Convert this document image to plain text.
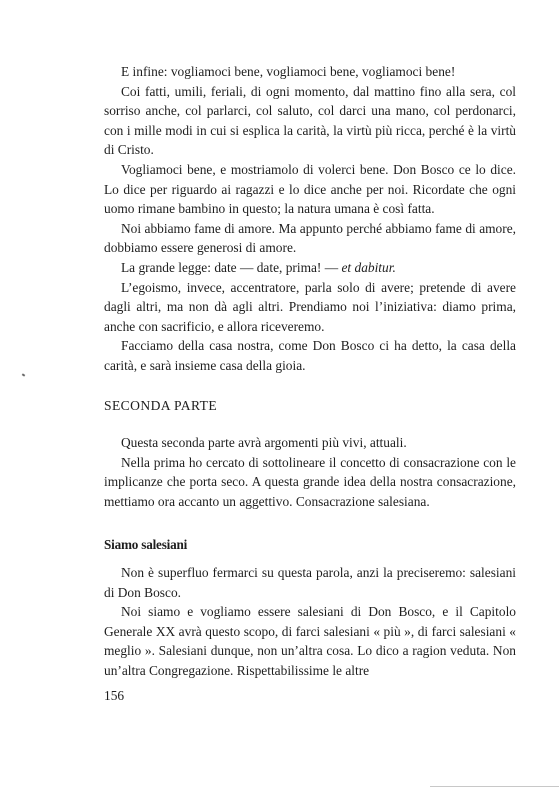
E infine: vogliamoci bene, vogliamoci bene, vogliamoci bene!

Coi fatti, umili, feriali, di ogni momento, dal mattino fino alla sera, col sorriso anche, col parlarci, col saluto, col darci una mano, col perdonarci, con i mille modi in cui si esplica la carità, la virtù più ricca, perché è la virtù di Cristo.

Vogliamoci bene, e mostriamolo di volerci bene. Don Bosco ce lo dice. Lo dice per riguardo ai ragazzi e lo dice anche per noi. Ricordate che ogni uomo rimane bambino in questo; la natura umana è così fatta.

Noi abbiamo fame di amore. Ma appunto perché abbiamo fame di amore, dobbiamo essere generosi di amore.

La grande legge: date — date, prima! — et dabitur.

L’egoismo, invece, accentratore, parla solo di avere; pretende di avere dagli altri, ma non dà agli altri. Prendiamo noi l’iniziativa: diamo prima, anche con sacrificio, e allora riceveremo.

Facciamo della casa nostra, come Don Bosco ci ha detto, la casa della carità, e sarà insieme casa della gioia.

SECONDA PARTE

Questa seconda parte avrà argomenti più vivi, attuali.

Nella prima ho cercato di sottolineare il concetto di consacrazione con le implicanze che porta seco. A questa grande idea della nostra consacrazione, mettiamo ora accanto un aggettivo. Consacrazione salesiana.

Siamo salesiani

Non è superfluo fermarci su questa parola, anzi la preciseremo: salesiani di Don Bosco.

Noi siamo e vogliamo essere salesiani di Don Bosco, e il Capitolo Generale XX avrà questo scopo, di farci salesiani « più », di farci salesiani « meglio ». Salesiani dunque, non un’altra cosa. Lo dico a ragion veduta. Non un’altra Congregazione. Rispettabilissime le altre

156
